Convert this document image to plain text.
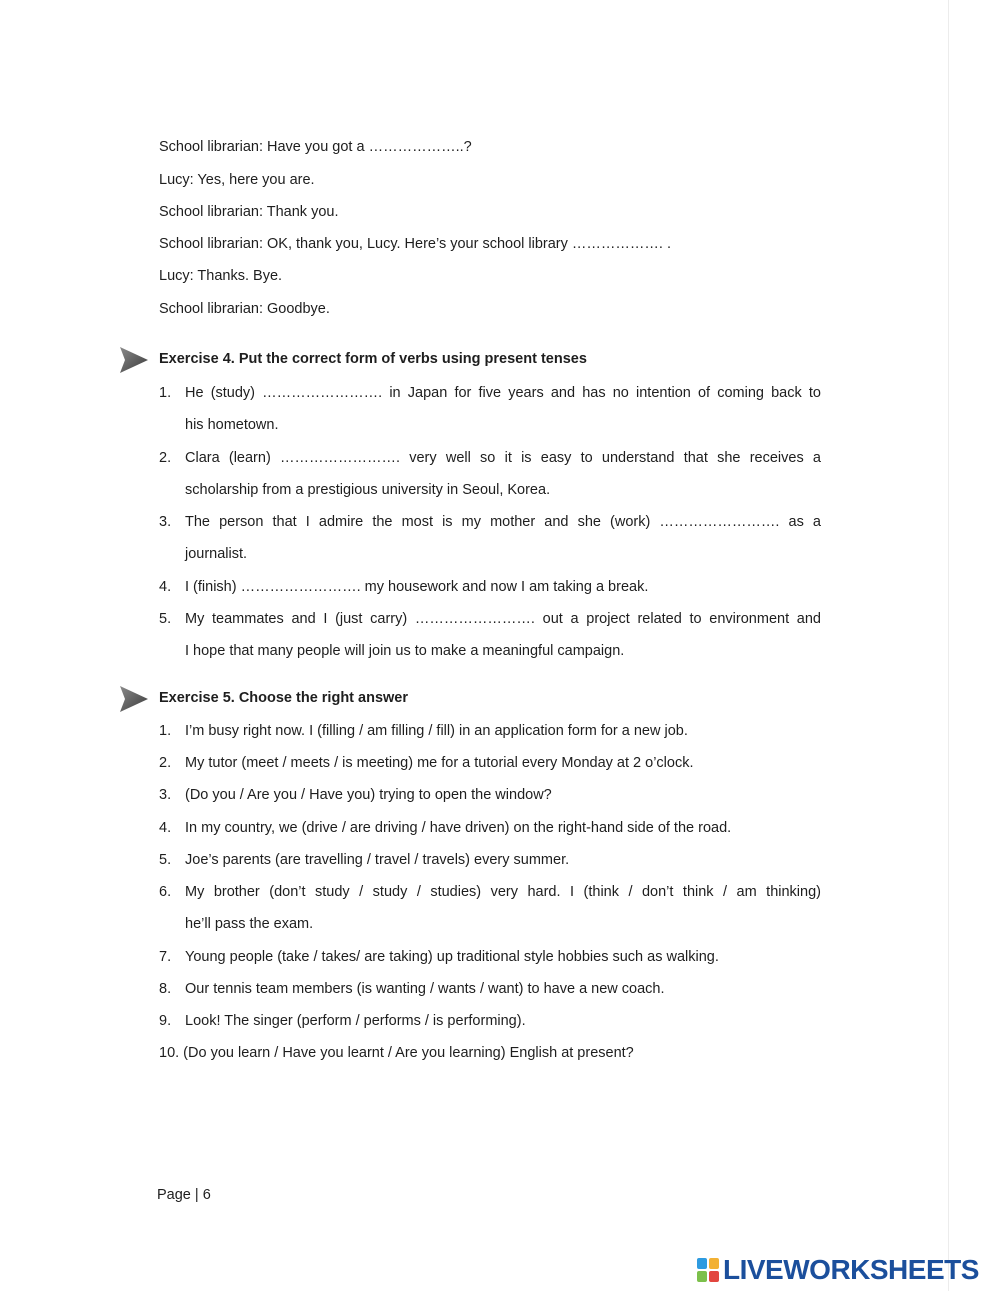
School librarian: Have you got a ………………..?
Lucy: Yes, here you are.
School librarian: Thank you.
School librarian: OK, thank you, Lucy. Here’s your school library ………………. .
Lucy: Thanks. Bye.
School librarian: Goodbye.
Exercise 4. Put the correct form of verbs using present tenses
1. He (study) ……………………. in Japan for five years and has no intention of coming back to
his hometown.
2. Clara (learn) ……………………. very well so it is easy to understand that she receives a
scholarship from a prestigious university in Seoul, Korea.
3. The person that I admire the most is my mother and she (work) ……………………. as a
journalist.
4. I (finish) ……………………. my housework and now I am taking a break.
5. My teammates and I (just carry) ……………………. out a project related to environment and
I hope that many people will join us to make a meaningful campaign.
Exercise 5. Choose the right answer
1. I’m busy right now. I (filling / am filling / fill) in an application form for a new job.
2. My tutor (meet / meets / is meeting) me for a tutorial every Monday at 2 o’clock.
3. (Do you / Are you / Have you) trying to open the window?
4. In my country, we (drive / are driving / have driven) on the right-hand side of the road.
5. Joe’s parents (are travelling / travel / travels) every summer.
6. My brother (don’t study / study / studies) very hard. I (think / don’t think / am thinking)
he’ll pass the exam.
7. Young people (take / takes/ are taking) up traditional style hobbies such as walking.
8. Our tennis team members (is wanting / wants / want) to have a new coach.
9. Look! The singer (perform / performs / is performing).
10. (Do you learn / Have you learnt / Are you learning) English at present?
Page | 6
LIVEWORKSHEETS
